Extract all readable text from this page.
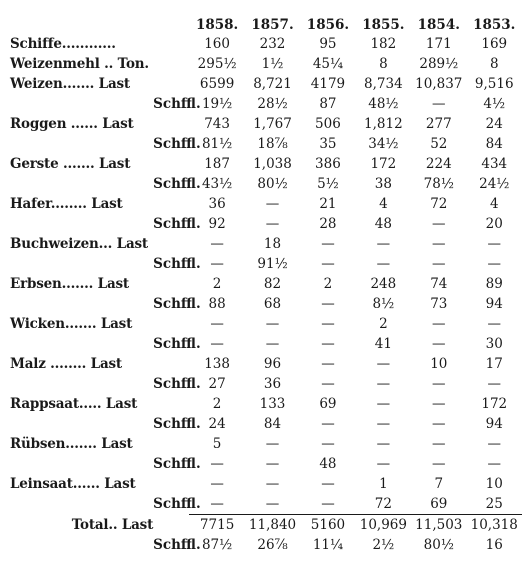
		1858.	1857.	1856.	1855.	1854.	1853.
Schiffe............		160	232	95	182	171	169
Weizenmehl .. Ton.		295½	1½	45¼	8	289½	8
Weizen....... Last		6599	8,721	4179	8,734	10,837	9,516
	Schffl.	19½	28½	87	48½	—	4½
Roggen ...... Last		743	1,767	506	1,812	277	24
	Schffl.	81½	18⅞	35	34½	52	84
Gerste ....... Last		187	1,038	386	172	224	434
	Schffl.	43½	80½	5½	38	78½	24½
Hafer........ Last		36	—	21	4	72	4
	Schffl.	92	—	28	48	—	20
Buchweizen... Last		—	18	—	—	—	—
	Schffl.	—	91½	—	—	—	—
Erbsen....... Last		2	82	2	248	74	89
	Schffl.	88	68	—	8½	73	94
Wicken....... Last		—	—	—	2	—	—
	Schffl.	—	—	—	41	—	30
Malz ........ Last		138	96	—	—	10	17
	Schffl.	27	36	—	—	—	—
Rappsaat..... Last		2	133	69	—	—	172
	Schffl.	24	84	—	—	—	94
Rübsen....... Last		5	—	—	—	—	—
	Schffl.	—	—	48	—	—	—
Leinsaat...... Last		—	—	—	1	7	10
	Schffl.	—	—	—	72	69	25
Total.. Last		7715	11,840	5160	10,969	11,503	10,318
	Schffl.	87½	26⅞	11¼	2½	80½	16
